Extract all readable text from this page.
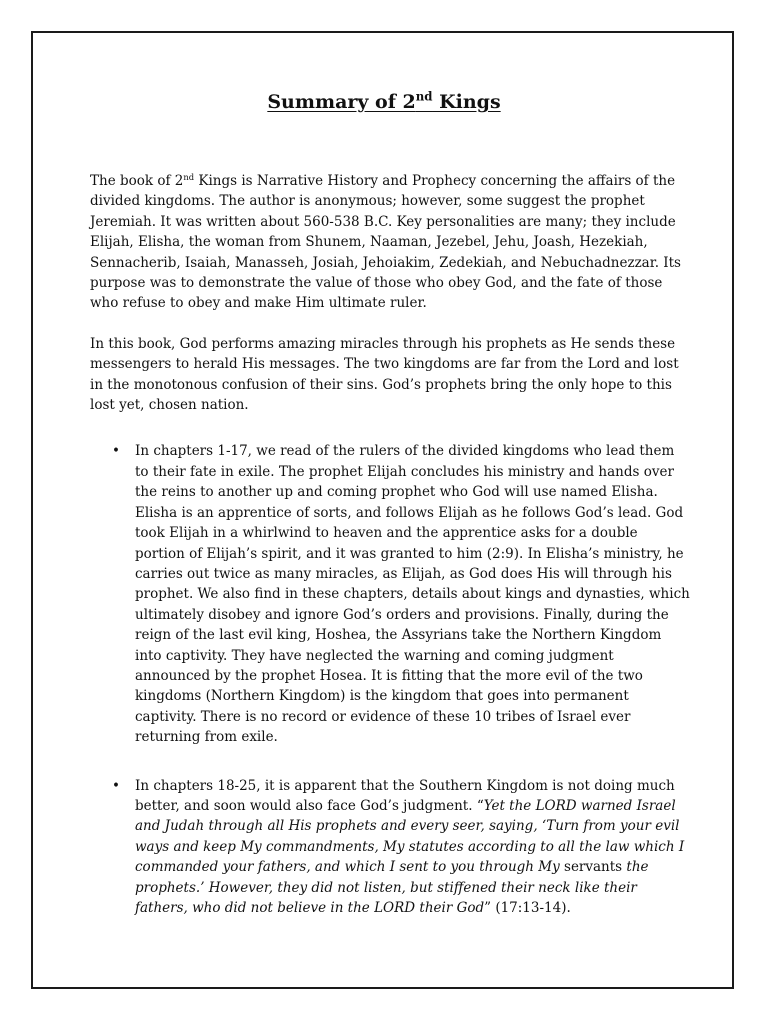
Summary of 2nd Kings

The book of 2nd Kings is Narrative History and Prophecy concerning the affairs of the divided kingdoms. The author is anonymous; however, some suggest the prophet Jeremiah. It was written about 560-538 B.C. Key personalities are many; they include Elijah, Elisha, the woman from Shunem, Naaman, Jezebel, Jehu, Joash, Hezekiah, Sennacherib, Isaiah, Manasseh, Josiah, Jehoiakim, Zedekiah, and Nebuchadnezzar. Its purpose was to demonstrate the value of those who obey God, and the fate of those who refuse to obey and make Him ultimate ruler.

In this book, God performs amazing miracles through his prophets as He sends these messengers to herald His messages. The two kingdoms are far from the Lord and lost in the monotonous confusion of their sins. God’s prophets bring the only hope to this lost yet, chosen nation.

• In chapters 1-17, we read of the rulers of the divided kingdoms who lead them to their fate in exile. The prophet Elijah concludes his ministry and hands over the reins to another up and coming prophet who God will use named Elisha. Elisha is an apprentice of sorts, and follows Elijah as he follows God’s lead. God took Elijah in a whirlwind to heaven and the apprentice asks for a double portion of Elijah’s spirit, and it was granted to him (2:9). In Elisha’s ministry, he carries out twice as many miracles, as Elijah, as God does His will through his prophet. We also find in these chapters, details about kings and dynasties, which ultimately disobey and ignore God’s orders and provisions. Finally, during the reign of the last evil king, Hoshea, the Assyrians take the Northern Kingdom into captivity. They have neglected the warning and coming judgment announced by the prophet Hosea. It is fitting that the more evil of the two kingdoms (Northern Kingdom) is the kingdom that goes into permanent captivity. There is no record or evidence of these 10 tribes of Israel ever returning from exile.
• In chapters 18-25, it is apparent that the Southern Kingdom is not doing much better, and soon would also face God’s judgment. “Yet the LORD warned Israel and Judah through all His prophets and every seer, saying, ‘Turn from your evil ways and keep My commandments, My statutes according to all the law which I commanded your fathers, and which I sent to you through My servants the prophets.’ However, they did not listen, but stiffened their neck like their fathers, who did not believe in the LORD their God” (17:13-14).
